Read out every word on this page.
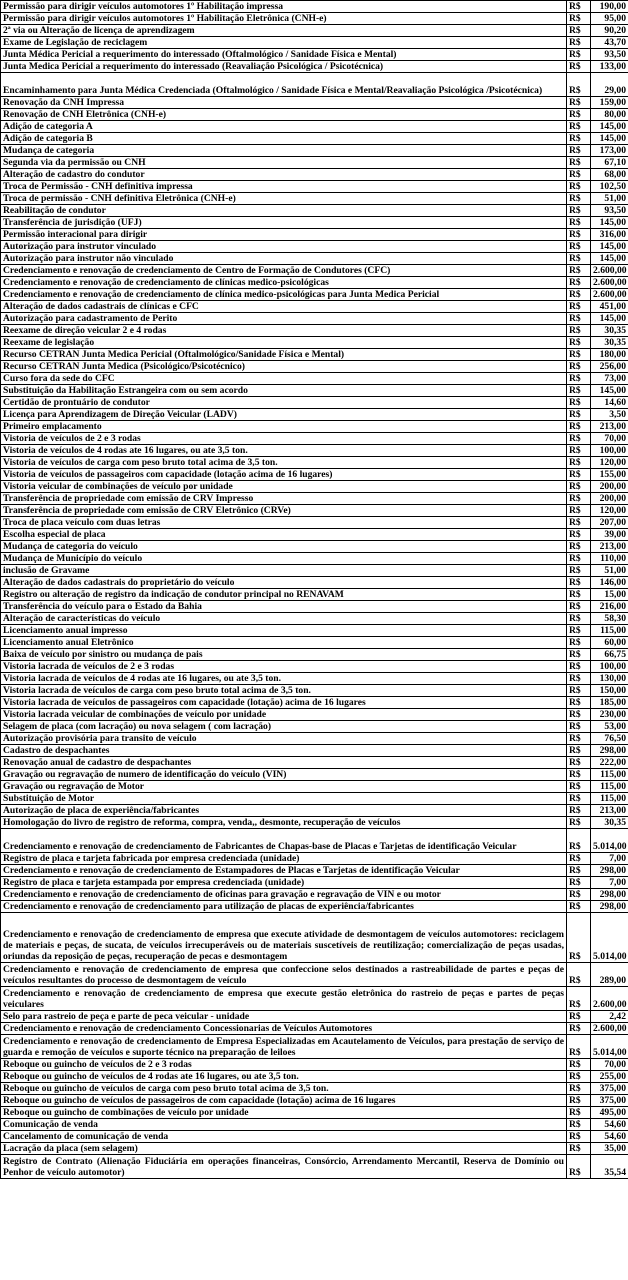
Permissão para dirigir veículos automotores 1º Habilitação impressa	R$	190,00
Permissão para dirigir veículos automotores 1º Habilitação Eletrônica (CNH-e)	R$	95,00
2ª via ou Alteração de licença de aprendizagem	R$	90,20
Exame de Legislação de reciclagem	R$	43,70
Junta Médica Pericial a requerimento do interessado (Oftalmológico / Sanidade Física e Mental)	R$	93,50
Junta Medica Pericial a requerimento do interessado (Reavaliação Psicológica / Psicotécnica)	R$	133,00
Encaminhamento para Junta Médica Credenciada (Oftalmológico / Sanidade Física e Mental/Reavaliação Psicológica /Psicotécnica)	R$	29,00
Renovação da CNH Impressa	R$	159,00
Renovação de CNH Eletrônica (CNH-e)	R$	80,00
Adição de categoria A	R$	145,00
Adição de categoria B	R$	145,00
Mudança de categoria	R$	173,00
Segunda via da permissão ou CNH	R$	67,10
Alteração de cadastro do condutor	R$	68,00
Troca de Permissão - CNH definitiva impressa	R$	102,50
Troca de permissão - CNH definitiva Eletrônica (CNH-e)	R$	51,00
Reabilitação de condutor	R$	93,50
Transferência de jurisdição (UFJ)	R$	145,00
Permissão interacional para dirigir	R$	316,00
Autorização para instrutor vinculado	R$	145,00
Autorização para instrutor não vinculado	R$	145,00
Credenciamento e renovação de credenciamento de Centro de Formação de Condutores (CFC)	R$	2.600,00
Credenciamento e renovação de credenciamento de clínicas medico-psicológicas	R$	2.600,00
Credenciamento e renovação de credenciamento de clínica medico-psicológicas para Junta Medica Pericial	R$	2.600,00
Alteração de dados cadastrais de clínicas e CFC	R$	451,00
Autorização para cadastramento de Perito	R$	145,00
Reexame de direção veicular 2 e 4 rodas	R$	30,35
Reexame de legislação	R$	30,35
Recurso CETRAN Junta Medica Pericial (Oftalmológico/Sanidade Física e Mental)	R$	180,00
Recurso CETRAN Junta Medica (Psicológico/Psicotécnico)	R$	256,00
Curso fora da sede do CFC	R$	73,00
Substituição da Habilitação Estrangeira com ou sem acordo	R$	145,00
Certidão de prontuário de condutor	R$	14,60
Licença para Aprendizagem de Direção Veicular (LADV)	R$	3,50
Primeiro emplacamento	R$	213,00
Vistoria de veículos de 2 e 3 rodas	R$	70,00
Vistoria de veículos de 4 rodas ate 16 lugares, ou ate 3,5 ton.	R$	100,00
Vistoria de veículos de carga com peso bruto total acima de 3,5 ton.	R$	120,00
Vistoria de veículos de passageiros com capacidade (lotação acima de 16 lugares)	R$	155,00
Vistoria veicular de combinações de veículo por unidade	R$	200,00
Transferência de propriedade com emissão de CRV Impresso	R$	200,00
Transferência de propriedade com emissão de CRV Eletrônico (CRVe)	R$	120,00
Troca de placa veículo com duas letras	R$	207,00
Escolha especial de placa	R$	39,00
Mudança de categoria do veículo	R$	213,00
Mudança de Município do veículo	R$	110,00
inclusão de Gravame	R$	51,00
Alteração de dados cadastrais do proprietário do veículo	R$	146,00
Registro ou alteração de registro da indicação de condutor principal no RENAVAM	R$	15,00
Transferência do veículo para o Estado da Bahia	R$	216,00
Alteração de características do veículo	R$	58,30
Licenciamento anual impresso	R$	115,00
Licenciamento anual Eletrônico	R$	60,00
Baixa de veículo por sinistro ou mudança de pais	R$	66,75
Vistoria lacrada de veículos de 2 e 3 rodas	R$	100,00
Vistoria lacrada de veículos de 4 rodas ate 16 lugares, ou ate 3,5 ton.	R$	130,00
Vistoria lacrada de veículos de carga com peso bruto total acima de 3,5 ton.	R$	150,00
Vistoria lacrada de veículos de passageiros com capacidade (lotação) acima de 16 lugares	R$	185,00
Vistoria lacrada veicular de combinações de veículo por unidade	R$	230,00
Selagem de placa (com lacração) ou nova selagem ( com lacração)	R$	53,00
Autorização provisória para transito de veículo	R$	76,50
Cadastro de despachantes	R$	298,00
Renovação anual de cadastro de despachantes	R$	222,00
Gravação ou regravação de numero de identificação do veículo (VIN)	R$	115,00
Gravação ou regravação de Motor	R$	115,00
Substituição de Motor	R$	115,00
Autorização de placa de experiência/fabricantes	R$	213,00
Homologação do livro de registro de reforma, compra, venda,, desmonte, recuperação de veículos	R$	30,35
Credenciamento e renovação de credenciamento de Fabricantes de Chapas-base de Placas e Tarjetas de identificação Veicular	R$	5.014,00
Registro de placa e tarjeta fabricada por empresa credenciada (unidade)	R$	7,00
Credenciamento e renovação de credenciamento de Estampadores de Placas e Tarjetas de identificação Veicular	R$	298,00
Registro de placa e tarjeta estampada por empresa credenciada (unidade)	R$	7,00
Credenciamento e renovação de credenciamento de oficinas para gravação e regravação de VIN e ou motor	R$	298,00
Credenciamento e renovação de credenciamento para utilização de placas de experiência/fabricantes	R$	298,00
Credenciamento e renovação de credenciamento de empresa que execute atividade de desmontagem de veículos automotores: reciclagem de materiais e peças, de sucata, de veículos irrecuperáveis ou de materiais suscetíveis de reutilização; comercialização de peças usadas, oriundas da reposição de peças, recuperação de pecas e desmontagem	R$	5.014,00
Credenciamento e renovação de credenciamento de empresa que confeccione selos destinados a rastreabilidade de partes e peças de veículos resultantes do processo de desmontagem de veículo	R$	289,00
Credenciamento e renovação de credenciamento de empresa que execute gestão eletrônica do rastreio de peças e partes de peças veiculares	R$	2.600,00
Selo para rastreio de peça e parte de peca veicular - unidade	R$	2,42
Credenciamento e renovação de credenciamento Concessionarias de Veículos Automotores	R$	2.600,00
Credenciamento e renovação de credenciamento de Empresa Especializadas em Acautelamento de Veículos, para prestação de serviço de guarda e remoção de veículos e suporte técnico na preparação de leiloes	R$	5.014,00
Reboque ou guincho de veículos de 2 e 3 rodas	R$	70,00
Reboque ou guincho de veículos de 4 rodas ate 16 lugares, ou ate 3,5 ton.	R$	255,00
Reboque ou guincho de veículos de carga com peso bruto total acima de 3,5 ton.	R$	375,00
Reboque ou guincho de veículos de passageiros de com capacidade (lotação) acima de 16 lugares	R$	375,00
Reboque ou guincho de combinações de veículo por unidade	R$	495,00
Comunicação de venda	R$	54,60
Cancelamento de comunicação de venda	R$	54,60
Lacração da placa (sem selagem)	R$	35,00
Registro de Contrato (Alienação Fiduciária em operações financeiras, Consórcio, Arrendamento Mercantil, Reserva de Domínio ou Penhor de veículo automotor)	R$	35,54
